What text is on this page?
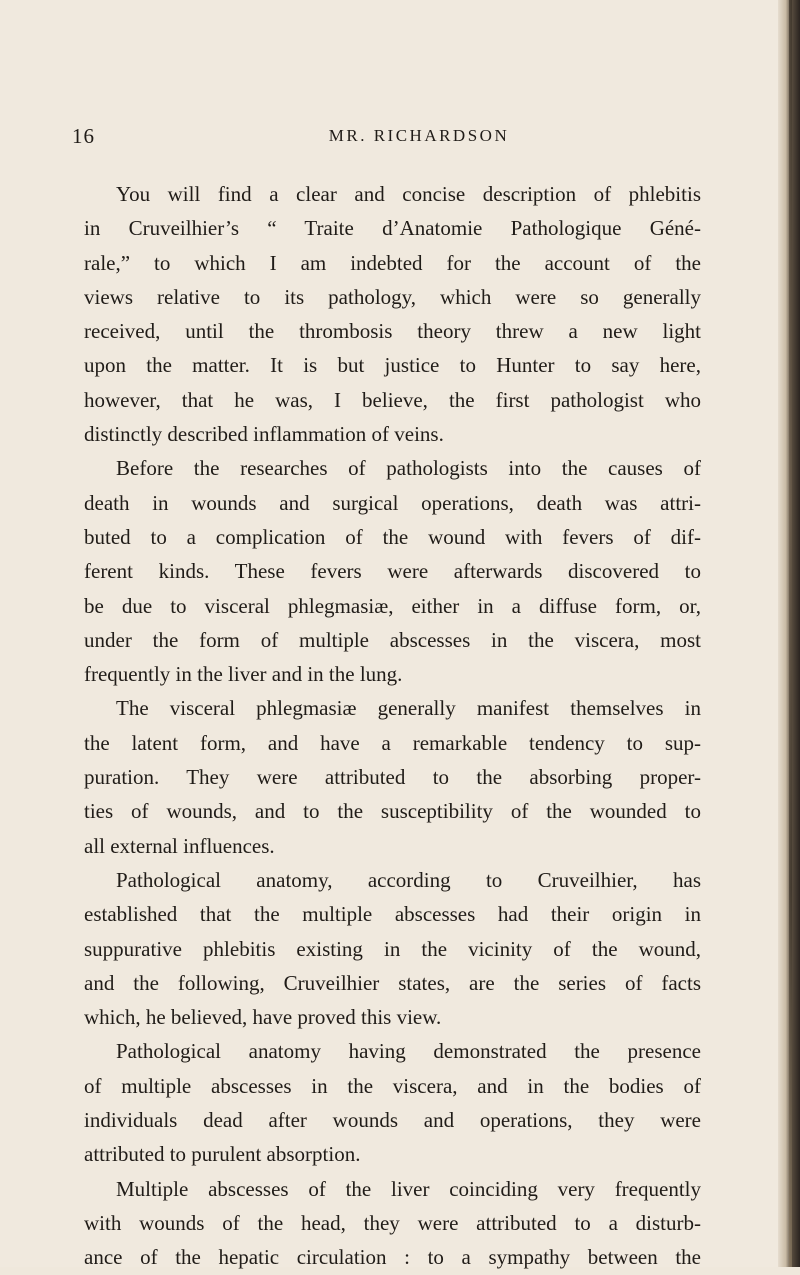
16	MR. RICHARDSON
You will find a clear and concise description of phlebitis
in Cruveilhier’s “ Traite d’Anatomie Pathologique Géné-
rale,” to which I am indebted for the account of the
views relative to its pathology, which were so generally
received, until the thrombosis theory threw a new light
upon the matter. It is but justice to Hunter to say here,
however, that he was, I believe, the first pathologist who
distinctly described inflammation of veins.
Before the researches of pathologists into the causes of
death in wounds and surgical operations, death was attri-
buted to a complication of the wound with fevers of dif-
ferent kinds. These fevers were afterwards discovered to
be due to visceral phlegmasiæ, either in a diffuse form, or,
under the form of multiple abscesses in the viscera, most
frequently in the liver and in the lung.
The visceral phlegmasiæ generally manifest themselves in
the latent form, and have a remarkable tendency to sup-
puration. They were attributed to the absorbing proper-
ties of wounds, and to the susceptibility of the wounded to
all external influences.
Pathological anatomy, according to Cruveilhier, has
established that the multiple abscesses had their origin in
suppurative phlebitis existing in the vicinity of the wound,
and the following, Cruveilhier states, are the series of facts
which, he believed, have proved this view.
Pathological anatomy having demonstrated the presence
of multiple abscesses in the viscera, and in the bodies of
individuals dead after wounds and operations, they were
attributed to purulent absorption.
Multiple abscesses of the liver coinciding very frequently
with wounds of the head, they were attributed to a disturb-
ance of the hepatic circulation : to a sympathy between the
